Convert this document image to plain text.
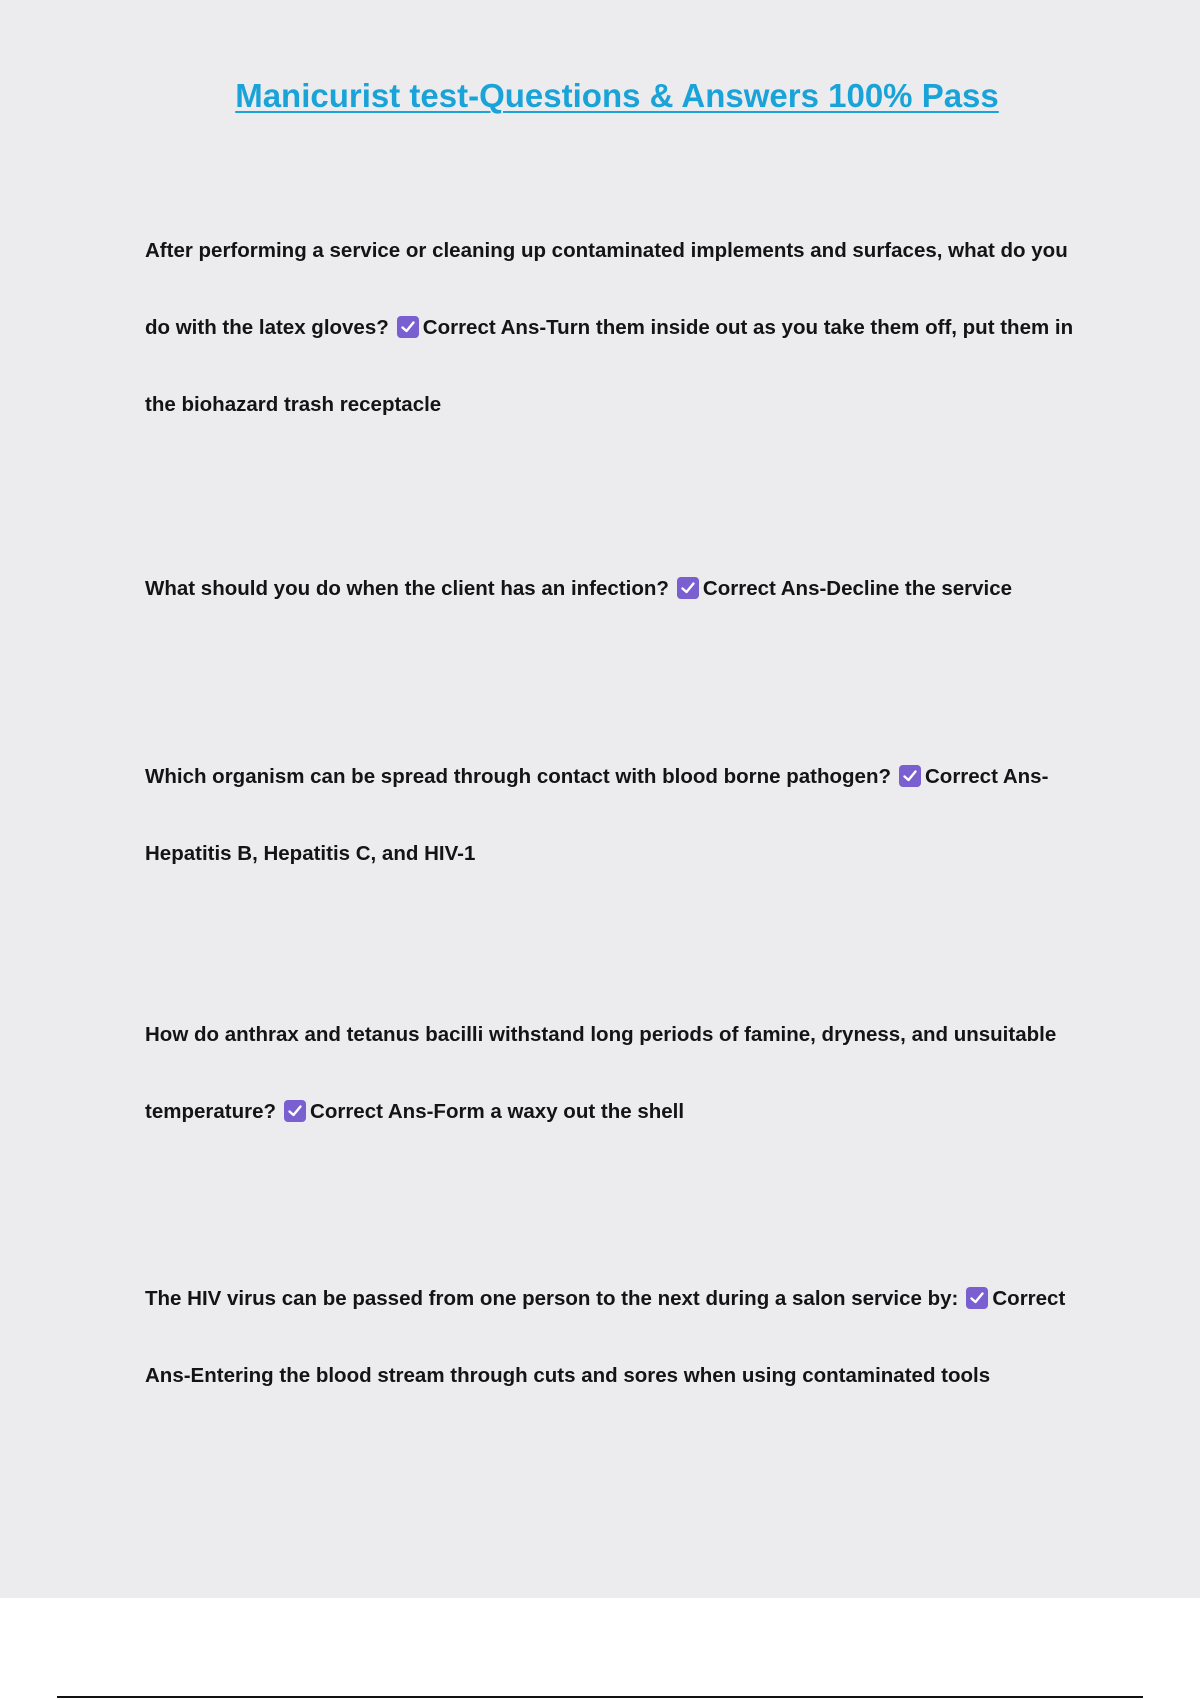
Manicurist test-Questions & Answers 100% Pass

After performing a service or cleaning up contaminated implements and surfaces, what do you do with the latex gloves? Correct Ans-Turn them inside out as you take them off, put them in the biohazard trash receptacle

What should you do when the client has an infection? Correct Ans-Decline the service

Which organism can be spread through contact with blood borne pathogen? Correct Ans-Hepatitis B, Hepatitis C, and HIV-1

How do anthrax and tetanus bacilli withstand long periods of famine, dryness, and unsuitable temperature? Correct Ans-Form a waxy out the shell

The HIV virus can be passed from one person to the next during a salon service by: Correct Ans-Entering the blood stream through cuts and sores when using contaminated tools
